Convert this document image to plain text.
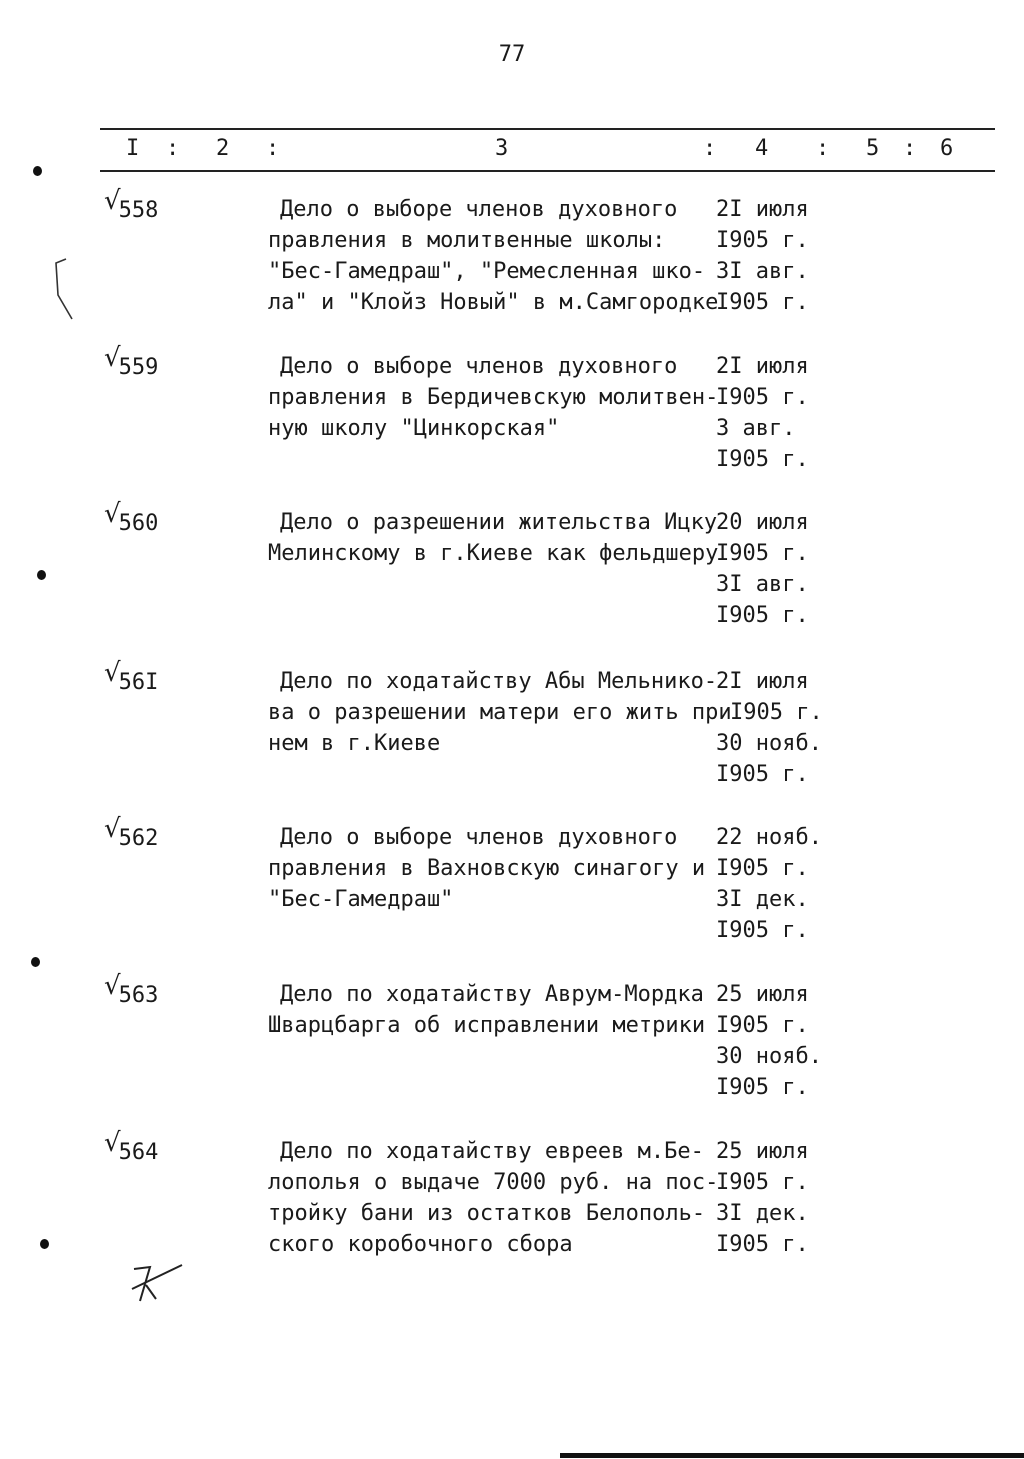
77
I : 2 :	3	: 4 : 5 : 6
√558	Дело о выборе членов духовного
правления в молитвенные школы:
"Бес-Гамедраш", "Ремесленная шко-
ла" и "Клойз Новый" в м.Самгородке
2I июля
I905 г.
3I авг.
I905 г.
√559	Дело о выборе членов духовного
правления в Бердичевскую молитвен-
ную школу "Цинкорская"
2I июля
I905 г.
3 авг.
I905 г.
√560	Дело о разрешении жительства Ицку
Мелинскому в г.Киеве как фельдшеру
20 июля
I905 г.
3I авг.
I905 г.
√56I	Дело по ходатайству Абы Мельнико-
ва о разрешении матери его жить при
нем в г.Киеве
2I июля
I905 г.
30 нояб.
I905 г.
√562	Дело о выборе членов духовного
правления в Вахновскую синагогу и
"Бес-Гамедраш"
22 нояб.
I905 г.
3I дек.
I905 г.
√563	Дело по ходатайству Аврум-Мордка
Шварцбарга об исправлении метрики
25 июля
I905 г.
30 нояб.
I905 г.
√564	Дело по ходатайству евреев м.Бе-
лополья о выдаче 7000 руб. на пос-
тройку бани из остатков Белополь-
ского коробочного сбора
25 июля
I905 г.
3I дек.
I905 г.
